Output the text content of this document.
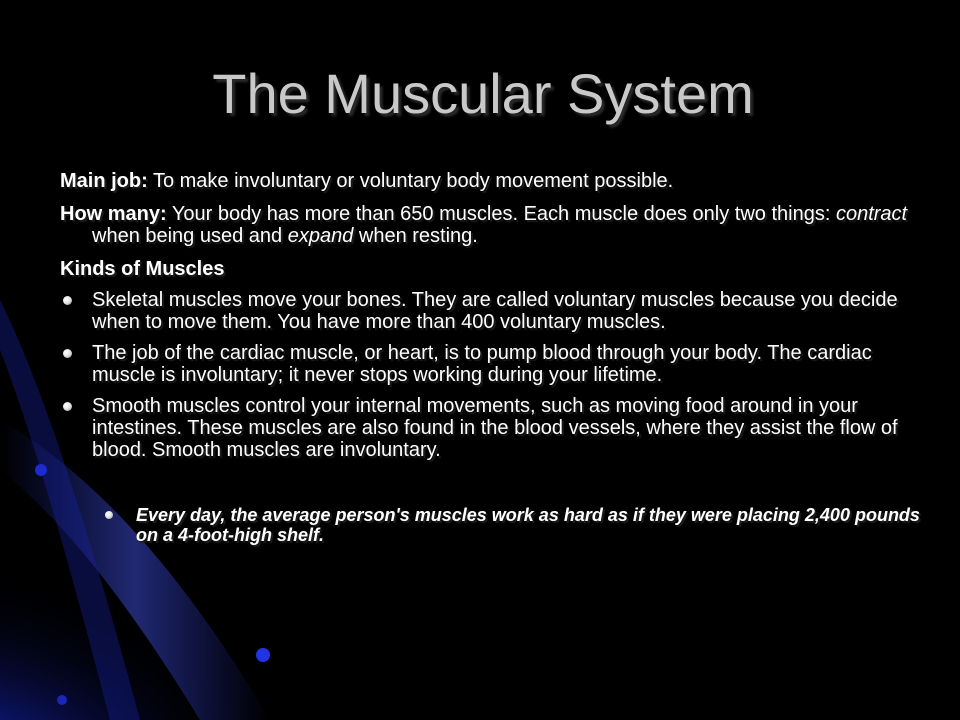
The Muscular System

Main job: To make involuntary or voluntary body movement possible.

How many: Your body has more than 650 muscles. Each muscle does only two things: contract when being used and expand when resting.

Kinds of Muscles

Skeletal muscles move your bones. They are called voluntary muscles because you decide when to move them. You have more than 400 voluntary muscles.
The job of the cardiac muscle, or heart, is to pump blood through your body. The cardiac muscle is involuntary; it never stops working during your lifetime.
Smooth muscles control your internal movements, such as moving food around in your intestines. These muscles are also found in the blood vessels, where they assist the flow of blood. Smooth muscles are involuntary.
Every day, the average person's muscles work as hard as if they were placing 2,400 pounds on a 4-foot-high shelf.
